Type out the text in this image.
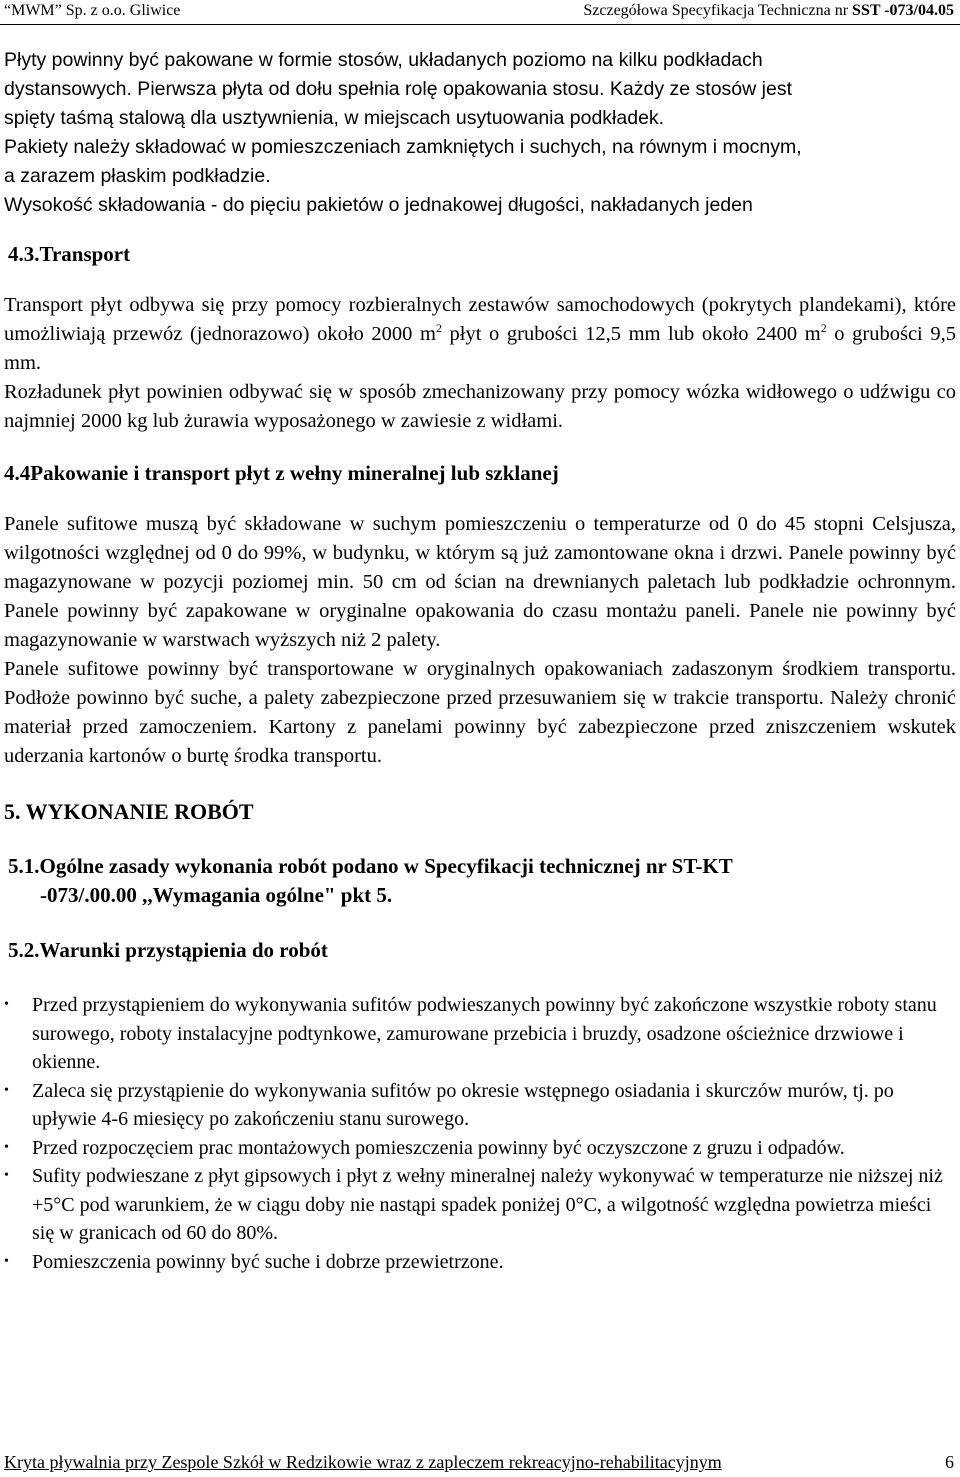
“MWM” Sp. z o.o. Gliwice	Szczegółowa Specyfikacja Techniczna nr SST -073/04.05

Płyty powinny być pakowane w formie stosów, układanych poziomo na kilku podkładach

dystansowych. Pierwsza płyta od dołu spełnia rolę opakowania stosu. Każdy ze stosów jest

spięty taśmą stalową dla usztywnienia, w miejscach usytuowania podkładek.

Pakiety należy składować w pomieszczeniach zamkniętych i suchych, na równym i mocnym,

a zarazem płaskim podkładzie.

Wysokość składowania - do pięciu pakietów o jednakowej długości, nakładanych jeden

4.3.Transport

Transport płyt odbywa się przy pomocy rozbieralnych zestawów samochodowych (pokrytych plandekami), które umożliwiają przewóz (jednorazowo) około 2000 $m^2$ płyt o grubości 12,5 mm lub około 2400 $m^2$ o grubości 9,5 mm.

Rozładunek płyt powinien odbywać się w sposób zmechanizowany przy pomocy wózka widłowego o udźwigu co najmniej 2000 kg lub żurawia wyposażonego w zawiesie z widłami.

4.4Pakowanie i transport płyt z wełny mineralnej lub szklanej

Panele sufitowe muszą być składowane w suchym pomieszczeniu o temperaturze od 0 do 45 stopni Celsjusza, wilgotności względnej od 0 do 99%, w budynku, w którym są już zamontowane okna i drzwi. Panele powinny być magazynowane w pozycji poziomej min. 50 cm od ścian na drewnianych paletach lub podkładzie ochronnym. Panele powinny być zapakowane w oryginalne opakowania do czasu montażu paneli. Panele nie powinny być magazynowanie w warstwach wyższych niż 2 palety.

Panele sufitowe powinny być transportowane w oryginalnych opakowaniach zadaszonym środkiem transportu. Podłoże powinno być suche, a palety zabezpieczone przed przesuwaniem się w trakcie transportu. Należy chronić materiał przed zamoczeniem. Kartony z panelami powinny być zabezpieczone przed zniszczeniem wskutek uderzania kartonów o burtę środka transportu.

5. WYKONANIE ROBÓT
5.1.Ogólne zasady wykonania robót podano w Specyfikacji technicznej nr ST-KT
-073/.00.00 ,,Wymagania ogólne" pkt 5.
5.2.Warunki przystąpienia do robót
• Przed przystąpieniem do wykonywania sufitów podwieszanych powinny być zakończone wszystkie roboty stanu surowego, roboty instalacyjne podtynkowe, zamurowane przebicia i bruzdy, osadzone ościeżnice drzwiowe i okienne.
• Zaleca się przystąpienie do wykonywania sufitów po okresie wstępnego osiadania i skurczów murów, tj. po upływie 4-6 miesięcy po zakończeniu stanu surowego.
• Przed rozpoczęciem prac montażowych pomieszczenia powinny być oczyszczone z gruzu i odpadów.
• Sufity podwieszane z płyt gipsowych i płyt z wełny mineralnej należy wykonywać w temperaturze nie niższej niż +5°C pod warunkiem, że w ciągu doby nie nastąpi spadek poniżej 0°C, a wilgotność względna powietrza mieści się w granicach od 60 do 80%.
• Pomieszczenia powinny być suche i dobrze przewietrzone.
Kryta pływalnia przy Zespole Szkół w Redzikowie wraz z zapleczem rekreacyjno-rehabilitacyjnym	6
